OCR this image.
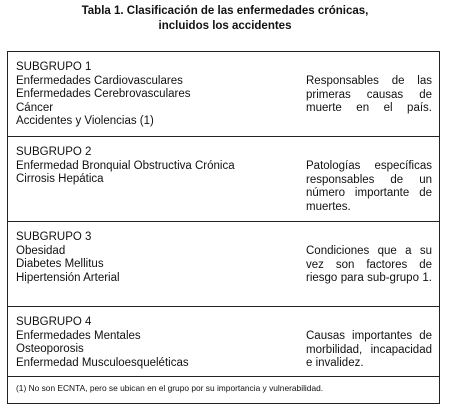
Tabla 1. Clasificación de las enfermedades crónicas,
incluidos los accidentes
SUBGRUPO 1
Enfermedades Cardiovasculares
Enfermedades Cerebrovasculares
Cáncer
Accidentes y Violencias (1)
Responsables de las primeras causas de muerte en el país.
SUBGRUPO 2
Enfermedad Bronquial Obstructiva Crónica
Cirrosis Hepática
Patologías específicas responsables de un número importante de muertes.
SUBGRUPO 3
Obesidad
Diabetes Mellitus
Hipertensión Arterial
Condiciones que a su vez son factores de riesgo para sub-grupo 1.
SUBGRUPO 4
Enfermedades Mentales
Osteoporosis
Enfermedad Musculoesqueléticas
Causas importantes de morbilidad, incapacidad e invalidez.
(1) No son ECNTA, pero se ubican en el grupo por su importancia y vulnerabilidad.
